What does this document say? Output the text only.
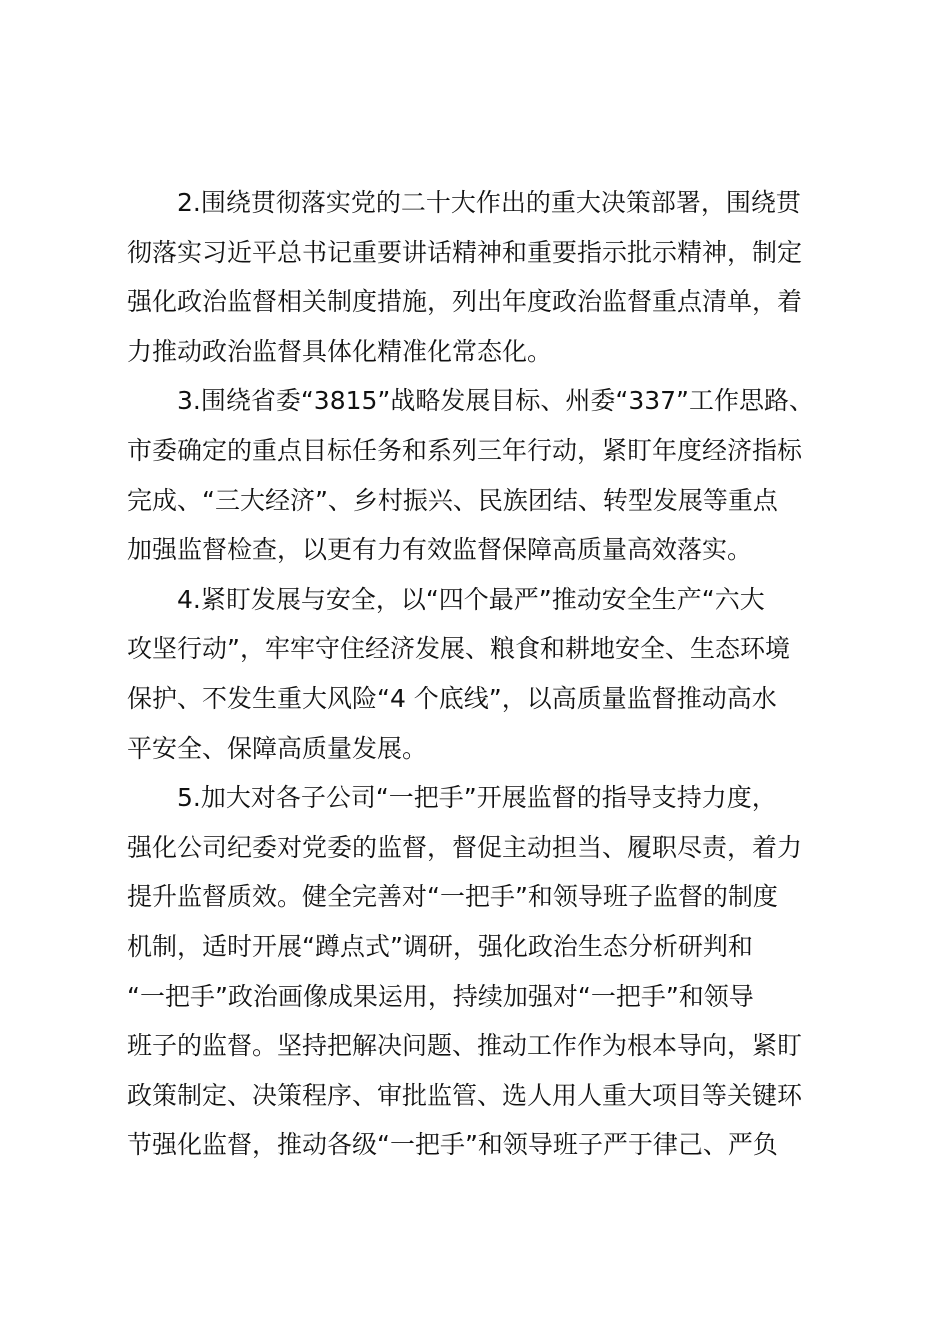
2.围绕贯彻落实党的二十大作出的重大决策部署，围绕贯
彻落实习近平总书记重要讲话精神和重要指示批示精神，制定
强化政治监督相关制度措施，列出年度政治监督重点清单，着
力推动政治监督具体化精准化常态化。
3.围绕省委“3815”战略发展目标、州委“337”工作思路、
市委确定的重点目标任务和系列三年行动，紧盯年度经济指标
完成、“三大经济”、乡村振兴、民族团结、转型发展等重点
加强监督检查，以更有力有效监督保障高质量高效落实。
4.紧盯发展与安全，以“四个最严”推动安全生产“六大
攻坚行动”，牢牢守住经济发展、粮食和耕地安全、生态环境
保护、不发生重大风险“4 个底线”，以高质量监督推动高水
平安全、保障高质量发展。
5.加大对各子公司“一把手”开展监督的指导支持力度，
强化公司纪委对党委的监督，督促主动担当、履职尽责，着力
提升监督质效。健全完善对“一把手”和领导班子监督的制度
机制，适时开展“蹲点式”调研，强化政治生态分析研判和
“一把手”政治画像成果运用，持续加强对“一把手”和领导
班子的监督。坚持把解决问题、推动工作作为根本导向，紧盯
政策制定、决策程序、审批监管、选人用人重大项目等关键环
节强化监督，推动各级“一把手”和领导班子严于律己、严负
